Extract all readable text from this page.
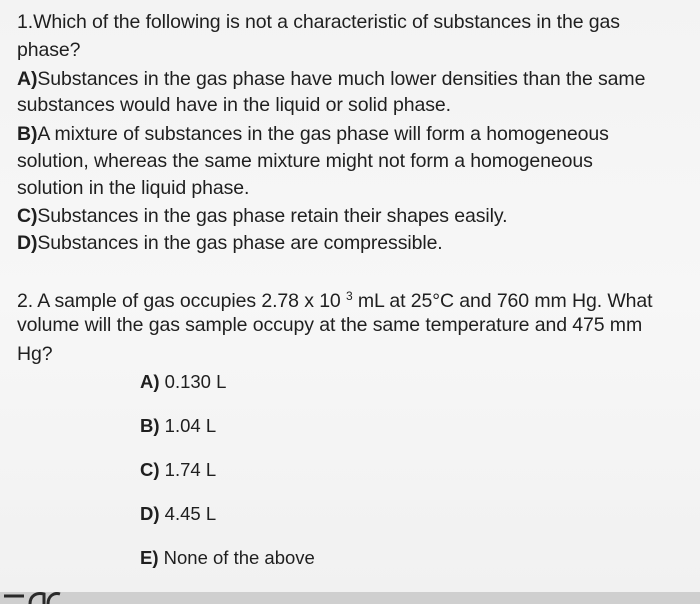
1.Which of the following is not a characteristic of substances in the gas
phase?
A)Substances in the gas phase have much lower densities than the same
substances would have in the liquid or solid phase.
B)A mixture of substances in the gas phase will form a homogeneous
solution, whereas the same mixture might not form a homogeneous
solution in the liquid phase.
C)Substances in the gas phase retain their shapes easily.
D)Substances in the gas phase are compressible.
2. A sample of gas occupies 2.78 x 10 $^3$ mL at 25°C and 760 mm Hg. What
volume will the gas sample occupy at the same temperature and 475 mm
Hg?
A) 0.130 L
B) 1.04 L
C) 1.74 L
D) 4.45 L
E) None of the above
